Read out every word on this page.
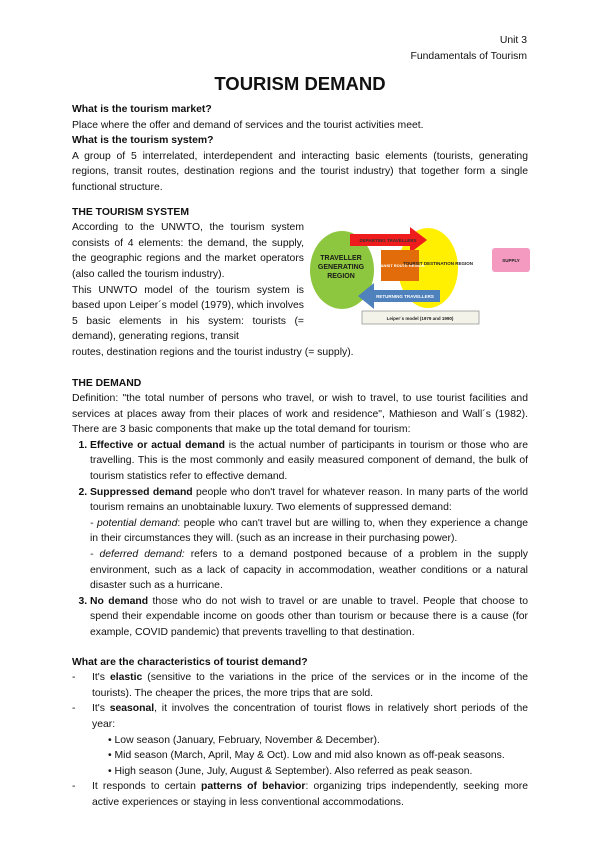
Unit 3
Fundamentals of Tourism
TOURISM DEMAND

What is the tourism market?

Place where the offer and demand of services and the tourist activities meet.

What is the tourism system?

A group of 5 interrelated, interdependent and interacting basic elements (tourists, generating regions, transit routes, destination regions and the tourist industry) that together form a single functional structure.

THE TOURISM SYSTEM

According to the UNWTO, the tourism system consists of 4 elements: the demand, the supply, the geographic regions and the market operators (also called the tourism industry).

This UNWTO model of the tourism system is based upon Leiper´s model (1979), which involves 5 basic elements in his system: tourists (= demand), generating regions, transit

routes, destination regions and the tourist industry (= supply).

TRAVELLER GENERATING REGION
DEPARTING TRAVELLERS
RETURNING TRAVELLERS
TRANSIT ROUTE REGION
TOURIST DESTINATION REGION
SUPPLY
Leiper´s model (1979 and 1990)

THE DEMAND

Definition: "the total number of persons who travel, or wish to travel, to use tourist facilities and services at places away from their places of work and residence", Mathieson and Wall´s (1982). There are 3 basic components that make up the total demand for tourism:

1. Effective or actual demand is the actual number of participants in tourism or those who are travelling. This is the most commonly and easily measured component of demand, the bulk of tourism statistics refer to effective demand.
2. Suppressed demand people who don't travel for whatever reason. In many parts of the world tourism remains an unobtainable luxury. Two elements of suppressed demand:
- potential demand: people who can't travel but are willing to, when they experience a change in their circumstances they will. (such as an increase in their purchasing power).
- deferred demand: refers to a demand postponed because of a problem in the supply environment, such as a lack of capacity in accommodation, weather conditions or a natural disaster such as a hurricane.
3. No demand those who do not wish to travel or are unable to travel. People that choose to spend their expendable income on goods other than tourism or because there is a cause (for example, COVID pandemic) that prevents travelling to that destination.

What are the characteristics of tourist demand?

-	It's elastic (sensitive to the variations in the price of the services or in the income of the tourists). The cheaper the prices, the more trips that are sold.
-	It's seasonal, it involves the concentration of tourist flows in relatively short periods of the year:
• Low season (January, February, November & December).
• Mid season (March, April, May & Oct). Low and mid also known as off-peak seasons.
• High season (June, July, August & September). Also referred as peak season.
-	It responds to certain patterns of behavior: organizing trips independently, seeking more active experiences or staying in less conventional accommodations.
